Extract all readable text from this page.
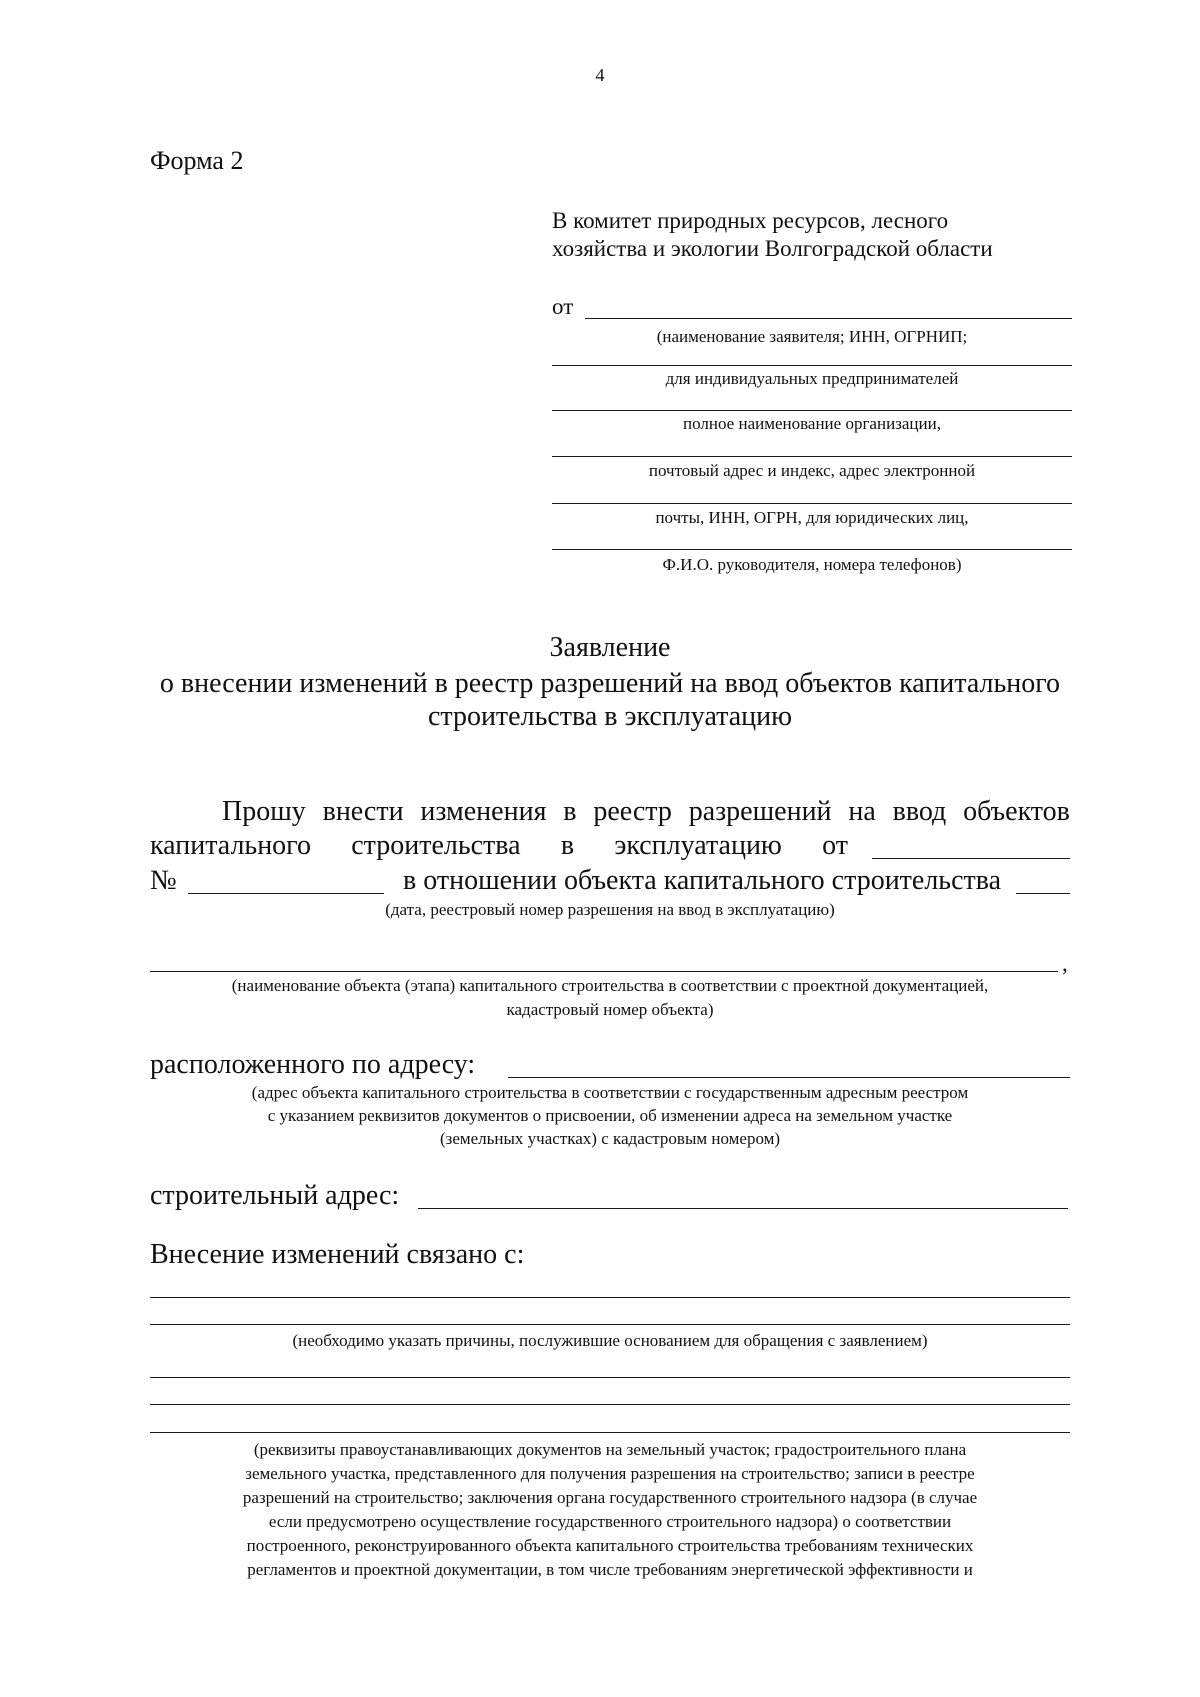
4
Форма 2
В комитет природных ресурсов, лесного
хозяйства и экологии Волгоградской области
от
(наименование заявителя; ИНН, ОГРНИП;
для индивидуальных предпринимателей
полное наименование организации,
почтовый адрес и индекс, адрес электронной
почты, ИНН, ОГРН, для юридических лиц,
Ф.И.О. руководителя, номера телефонов)
Заявление
о внесении изменений в реестр разрешений на ввод объектов капитального
строительства в эксплуатацию
Прошу внести изменения в реестр разрешений на ввод объектов
капитального строительства в эксплуатацию от
№	в отношении объекта капитального строительства
(дата, реестровый номер разрешения на ввод в эксплуатацию)
,
(наименование объекта (этапа) капитального строительства в соответствии с проектной документацией,
кадастровый номер объекта)
расположенного по адресу:
(адрес объекта капитального строительства в соответствии с государственным адресным реестром
с указанием реквизитов документов о присвоении, об изменении адреса на земельном участке
(земельных участках) с кадастровым номером)
строительный адрес:
Внесение изменений связано с:
(необходимо указать причины, послужившие основанием для обращения с заявлением)
(реквизиты правоустанавливающих документов на земельный участок; градостроительного плана
земельного участка, представленного для получения разрешения на строительство; записи в реестре
разрешений на строительство; заключения органа государственного строительного надзора (в случае
если предусмотрено осуществление государственного строительного надзора) о соответствии
построенного, реконструированного объекта капитального строительства требованиям технических
регламентов и проектной документации, в том числе требованиям энергетической эффективности и
